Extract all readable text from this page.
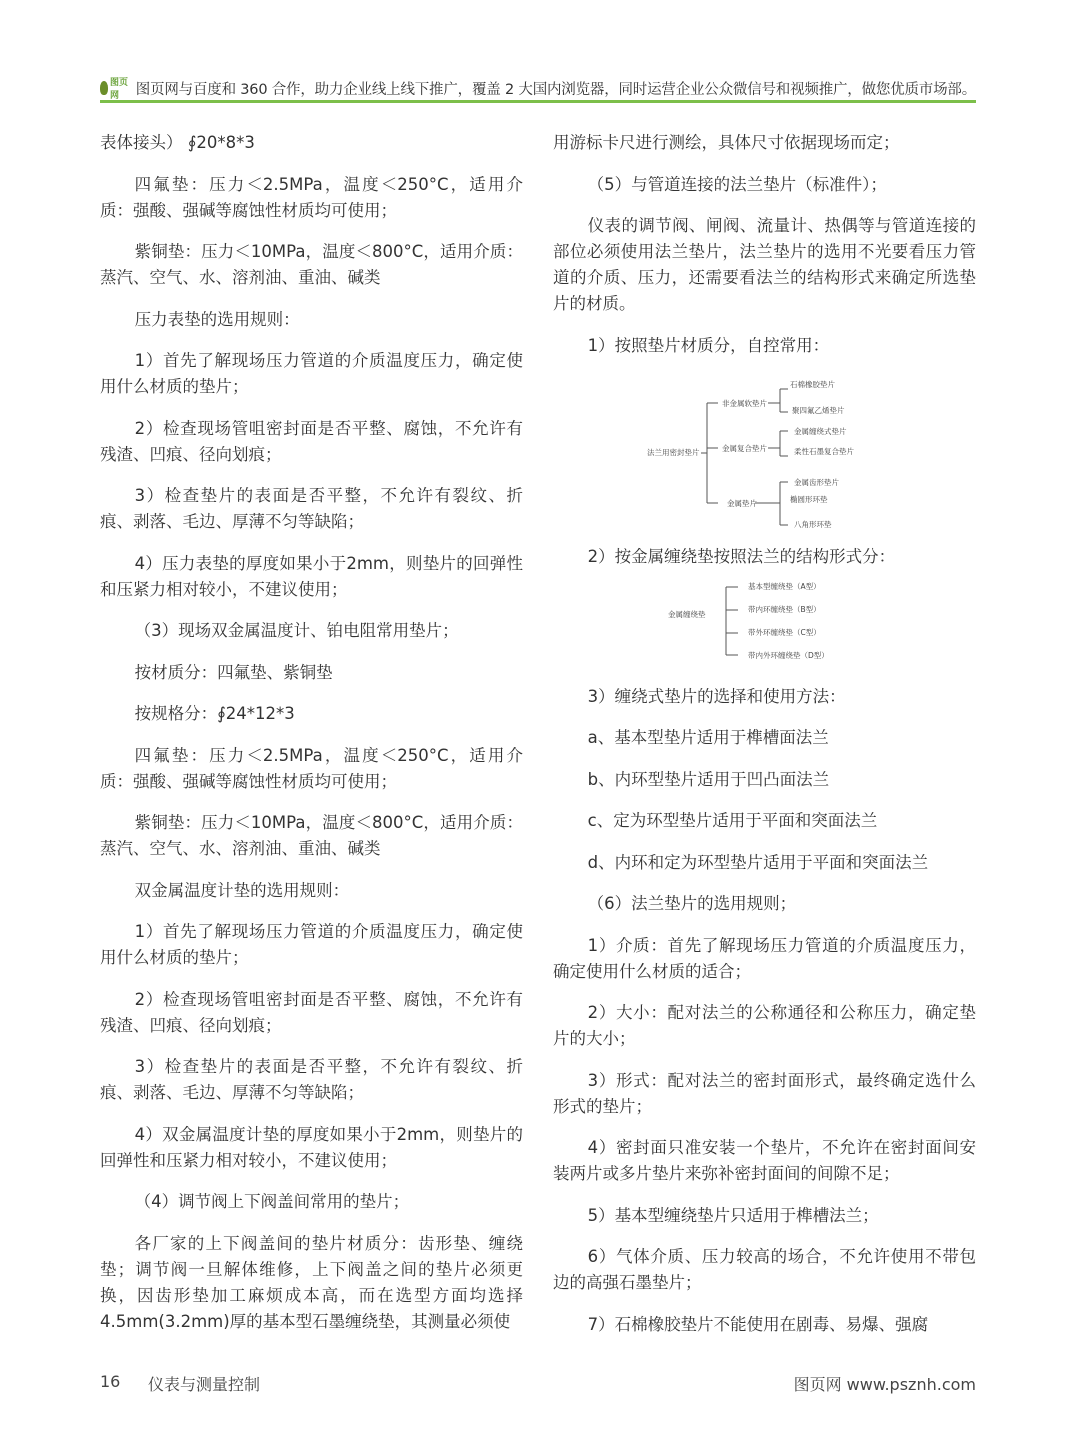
图页网	图页网与百度和 360 合作，助力企业线上线下推广，覆盖 2 大国内浏览器，同时运营企业公众微信号和视频推广，做您优质市场部。

表体接头） ∮20*8*3

四氟垫：压力＜2.5MPa，温度＜250°C，适用介质：强酸、强碱等腐蚀性材质均可使用；

紫铜垫：压力＜10MPa，温度＜800°C，适用介质：蒸汽、空气、水、溶剂油、重油、碱类

压力表垫的选用规则：

1）首先了解现场压力管道的介质温度压力，确定使用什么材质的垫片；

2）检查现场管咀密封面是否平整、腐蚀，不允许有残渣、凹痕、径向划痕；

3）检查垫片的表面是否平整，不允许有裂纹、折痕、剥落、毛边、厚薄不匀等缺陷；

4）压力表垫的厚度如果小于2mm，则垫片的回弹性和压紧力相对较小，不建议使用；

（3）现场双金属温度计、铂电阻常用垫片；

按材质分：四氟垫、紫铜垫

按规格分：∮24*12*3

四氟垫：压力＜2.5MPa，温度＜250°C，适用介质：强酸、强碱等腐蚀性材质均可使用；

紫铜垫：压力＜10MPa，温度＜800°C，适用介质：蒸汽、空气、水、溶剂油、重油、碱类

双金属温度计垫的选用规则：

1）首先了解现场压力管道的介质温度压力，确定使用什么材质的垫片；

2）检查现场管咀密封面是否平整、腐蚀，不允许有残渣、凹痕、径向划痕；

3）检查垫片的表面是否平整，不允许有裂纹、折痕、剥落、毛边、厚薄不匀等缺陷；

4）双金属温度计垫的厚度如果小于2mm，则垫片的回弹性和压紧力相对较小，不建议使用；

（4）调节阀上下阀盖间常用的垫片；

各厂家的上下阀盖间的垫片材质分：齿形垫、缠绕垫；调节阀一旦解体维修，上下阀盖之间的垫片必须更换，因齿形垫加工麻烦成本高，而在选型方面均选择4.5mm(3.2mm)厚的基本型石墨缠绕垫，其测量必须使

用游标卡尺进行测绘，具体尺寸依据现场而定；

（5）与管道连接的法兰垫片（标准件）；

仪表的调节阀、闸阀、流量计、热偶等与管道连接的部位必须使用法兰垫片，法兰垫片的选用不光要看压力管道的介质、压力，还需要看法兰的结构形式来确定所选垫片的材质。

1）按照垫片材质分，自控常用：

法兰用密封垫片
非金属软垫片
金属复合垫片
金属垫片
石棉橡胶垫片
聚四氟乙烯垫片
金属缠绕式垫片
柔性石墨复合垫片
金属齿形垫片
椭圆形环垫
八角形环垫

2）按金属缠绕垫按照法兰的结构形式分：

金属缠绕垫
基本型缠绕垫（A型）
带内环缠绕垫（B型）
带外环缠绕垫（C型）
带内外环缠绕垫（D型）

3）缠绕式垫片的选择和使用方法：

a、基本型垫片适用于榫槽面法兰

b、内环型垫片适用于凹凸面法兰

c、定为环型垫片适用于平面和突面法兰

d、内环和定为环型垫片适用于平面和突面法兰

（6）法兰垫片的选用规则；

1）介质：首先了解现场压力管道的介质温度压力，确定使用什么材质的适合；

2）大小：配对法兰的公称通径和公称压力，确定垫片的大小；

3）形式：配对法兰的密封面形式，最终确定选什么形式的垫片；

4）密封面只准安装一个垫片，不允许在密封面间安装两片或多片垫片来弥补密封面间的间隙不足；

5）基本型缠绕垫片只适用于榫槽法兰；

6）气体介质、压力较高的场合，不允许使用不带包边的高强石墨垫片；

7）石棉橡胶垫片不能使用在剧毒、易爆、强腐

16	仪表与测量控制	图页网 www.psznh.com
